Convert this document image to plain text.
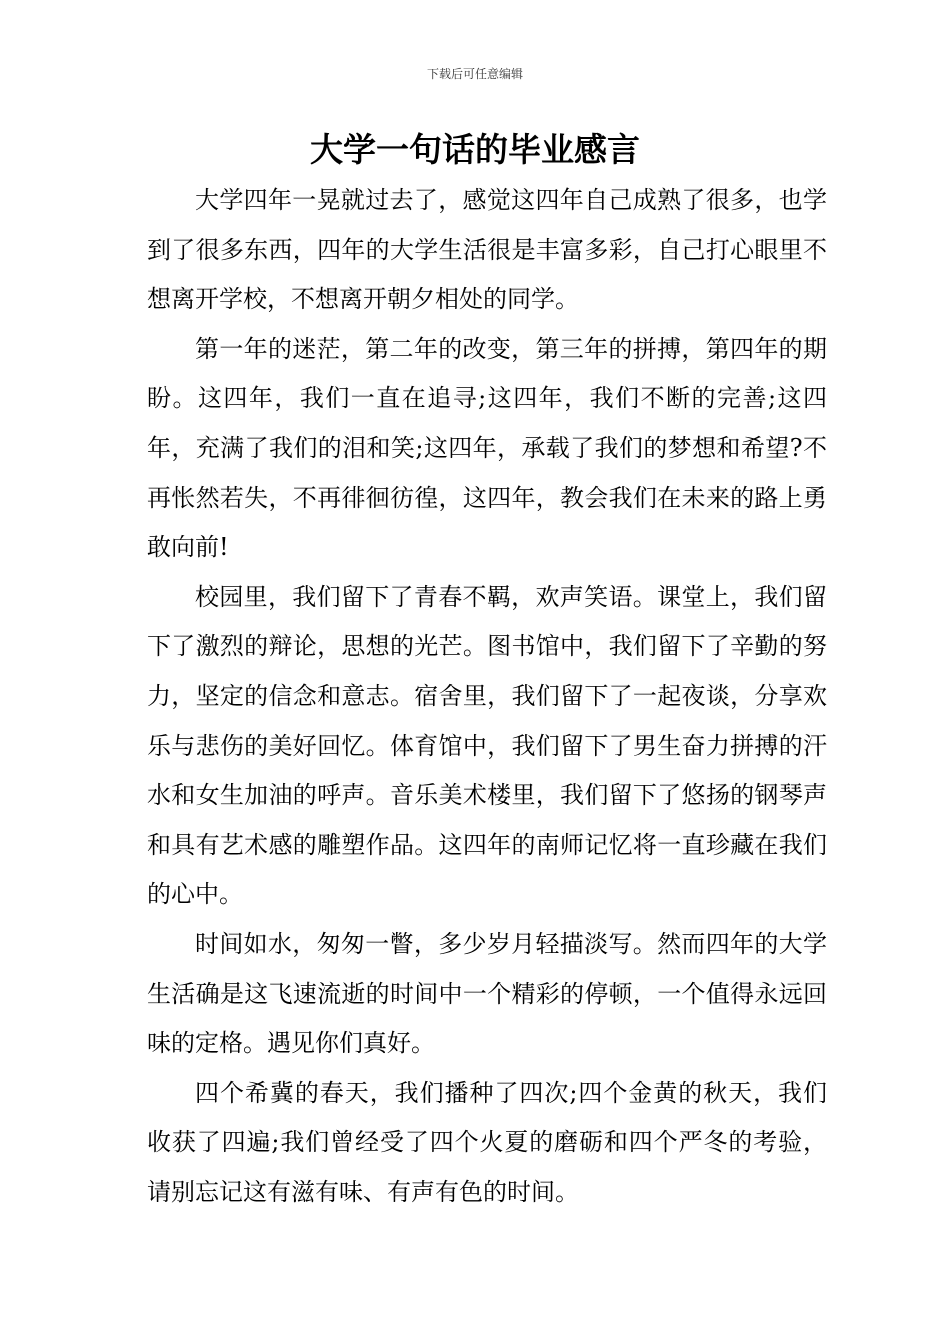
下载后可任意编辑
大学一句话的毕业感言

大学四年一晃就过去了，感觉这四年自己成熟了很多，也学到了很多东西，四年的大学生活很是丰富多彩，自己打心眼里不想离开学校，不想离开朝夕相处的同学。

第一年的迷茫，第二年的改变，第三年的拼搏，第四年的期盼。这四年，我们一直在追寻;这四年，我们不断的完善;这四年，充满了我们的泪和笑;这四年，承载了我们的梦想和希望?不再怅然若失，不再徘徊彷徨，这四年，教会我们在未来的路上勇敢向前!

校园里，我们留下了青春不羁，欢声笑语。课堂上，我们留下了激烈的辩论，思想的光芒。图书馆中，我们留下了辛勤的努力，坚定的信念和意志。宿舍里，我们留下了一起夜谈，分享欢乐与悲伤的美好回忆。体育馆中，我们留下了男生奋力拼搏的汗水和女生加油的呼声。音乐美术楼里，我们留下了悠扬的钢琴声和具有艺术感的雕塑作品。这四年的南师记忆将一直珍藏在我们的心中。

时间如水，匆匆一瞥，多少岁月轻描淡写。然而四年的大学生活确是这飞速流逝的时间中一个精彩的停顿，一个值得永远回味的定格。遇见你们真好。

四个希冀的春天，我们播种了四次;四个金黄的秋天，我们收获了四遍;我们曾经受了四个火夏的磨砺和四个严冬的考验，请别忘记这有滋有味、有声有色的时间。
